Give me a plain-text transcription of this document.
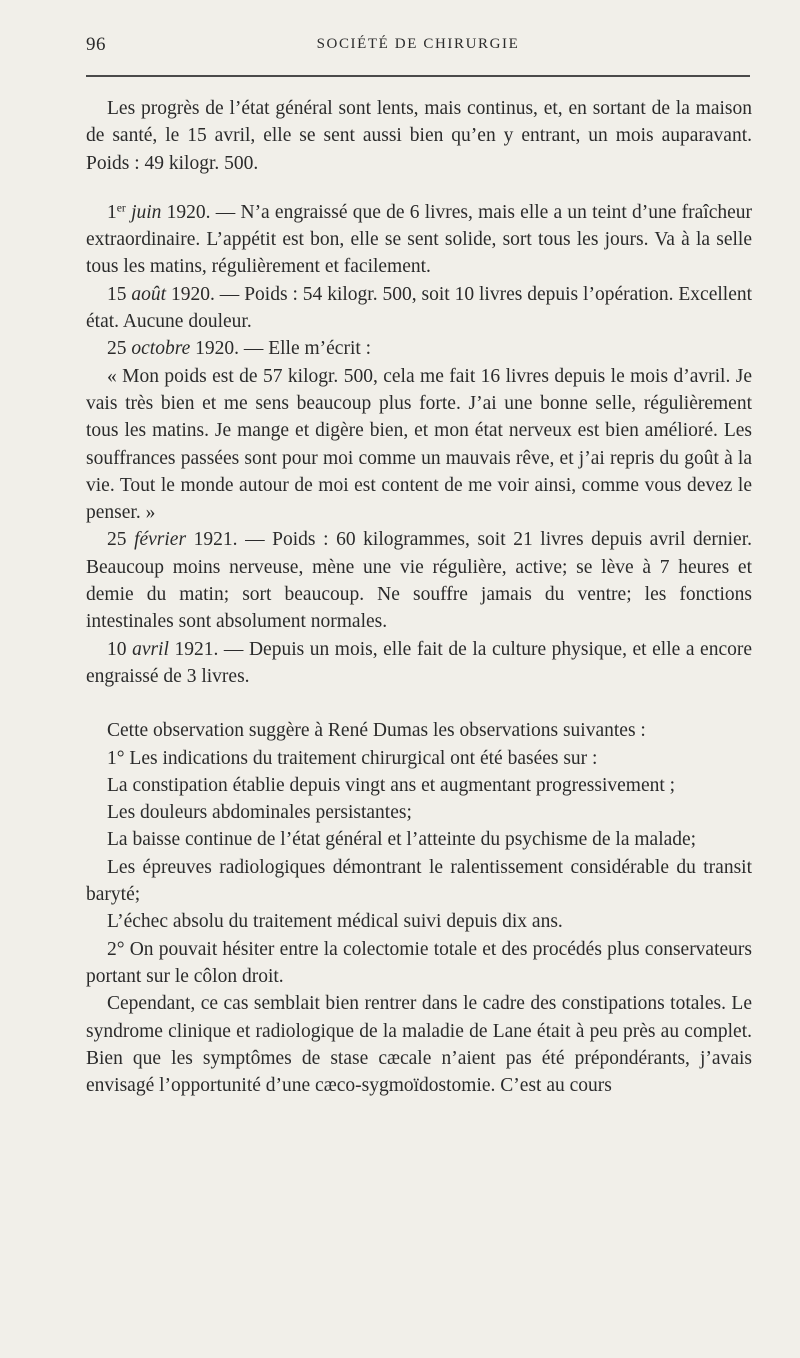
96	SOCIÉTÉ DE CHIRURGIE

Les progrès de l’état général sont lents, mais continus, et, en sortant de la maison de santé, le 15 avril, elle se sent aussi bien qu’en y entrant, un mois auparavant. Poids : 49 kilogr. 500.

1er juin 1920. — N’a engraissé que de 6 livres, mais elle a un teint d’une fraîcheur extraordinaire. L’appétit est bon, elle se sent solide, sort tous les jours. Va à la selle tous les matins, régulièrement et facilement.

15 août 1920. — Poids : 54 kilogr. 500, soit 10 livres depuis l’opération. Excellent état. Aucune douleur.

25 octobre 1920. — Elle m’écrit :

« Mon poids est de 57 kilogr. 500, cela me fait 16 livres depuis le mois d’avril. Je vais très bien et me sens beaucoup plus forte. J’ai une bonne selle, régulièrement tous les matins. Je mange et digère bien, et mon état nerveux est bien amélioré. Les souffrances passées sont pour moi comme un mauvais rêve, et j’ai repris du goût à la vie. Tout le monde autour de moi est content de me voir ainsi, comme vous devez le penser. »

25 février 1921. — Poids : 60 kilogrammes, soit 21 livres depuis avril dernier. Beaucoup moins nerveuse, mène une vie régulière, active; se lève à 7 heures et demie du matin; sort beaucoup. Ne souffre jamais du ventre; les fonctions intestinales sont absolument normales.

10 avril 1921. — Depuis un mois, elle fait de la culture physique, et elle a encore engraissé de 3 livres.

Cette observation suggère à René Dumas les observations suivantes :

1° Les indications du traitement chirurgical ont été basées sur :

La constipation établie depuis vingt ans et augmentant progressivement ;

Les douleurs abdominales persistantes;

La baisse continue de l’état général et l’atteinte du psychisme de la malade;

Les épreuves radiologiques démontrant le ralentissement considérable du transit baryté;

L’échec absolu du traitement médical suivi depuis dix ans.

2° On pouvait hésiter entre la colectomie totale et des procédés plus conservateurs portant sur le côlon droit.

Cependant, ce cas semblait bien rentrer dans le cadre des constipations totales. Le syndrome clinique et radiologique de la maladie de Lane était à peu près au complet. Bien que les symptômes de stase cæcale n’aient pas été prépondérants, j’avais envisagé l’opportunité d’une cæco-sygmoïdostomie. C’est au cours
